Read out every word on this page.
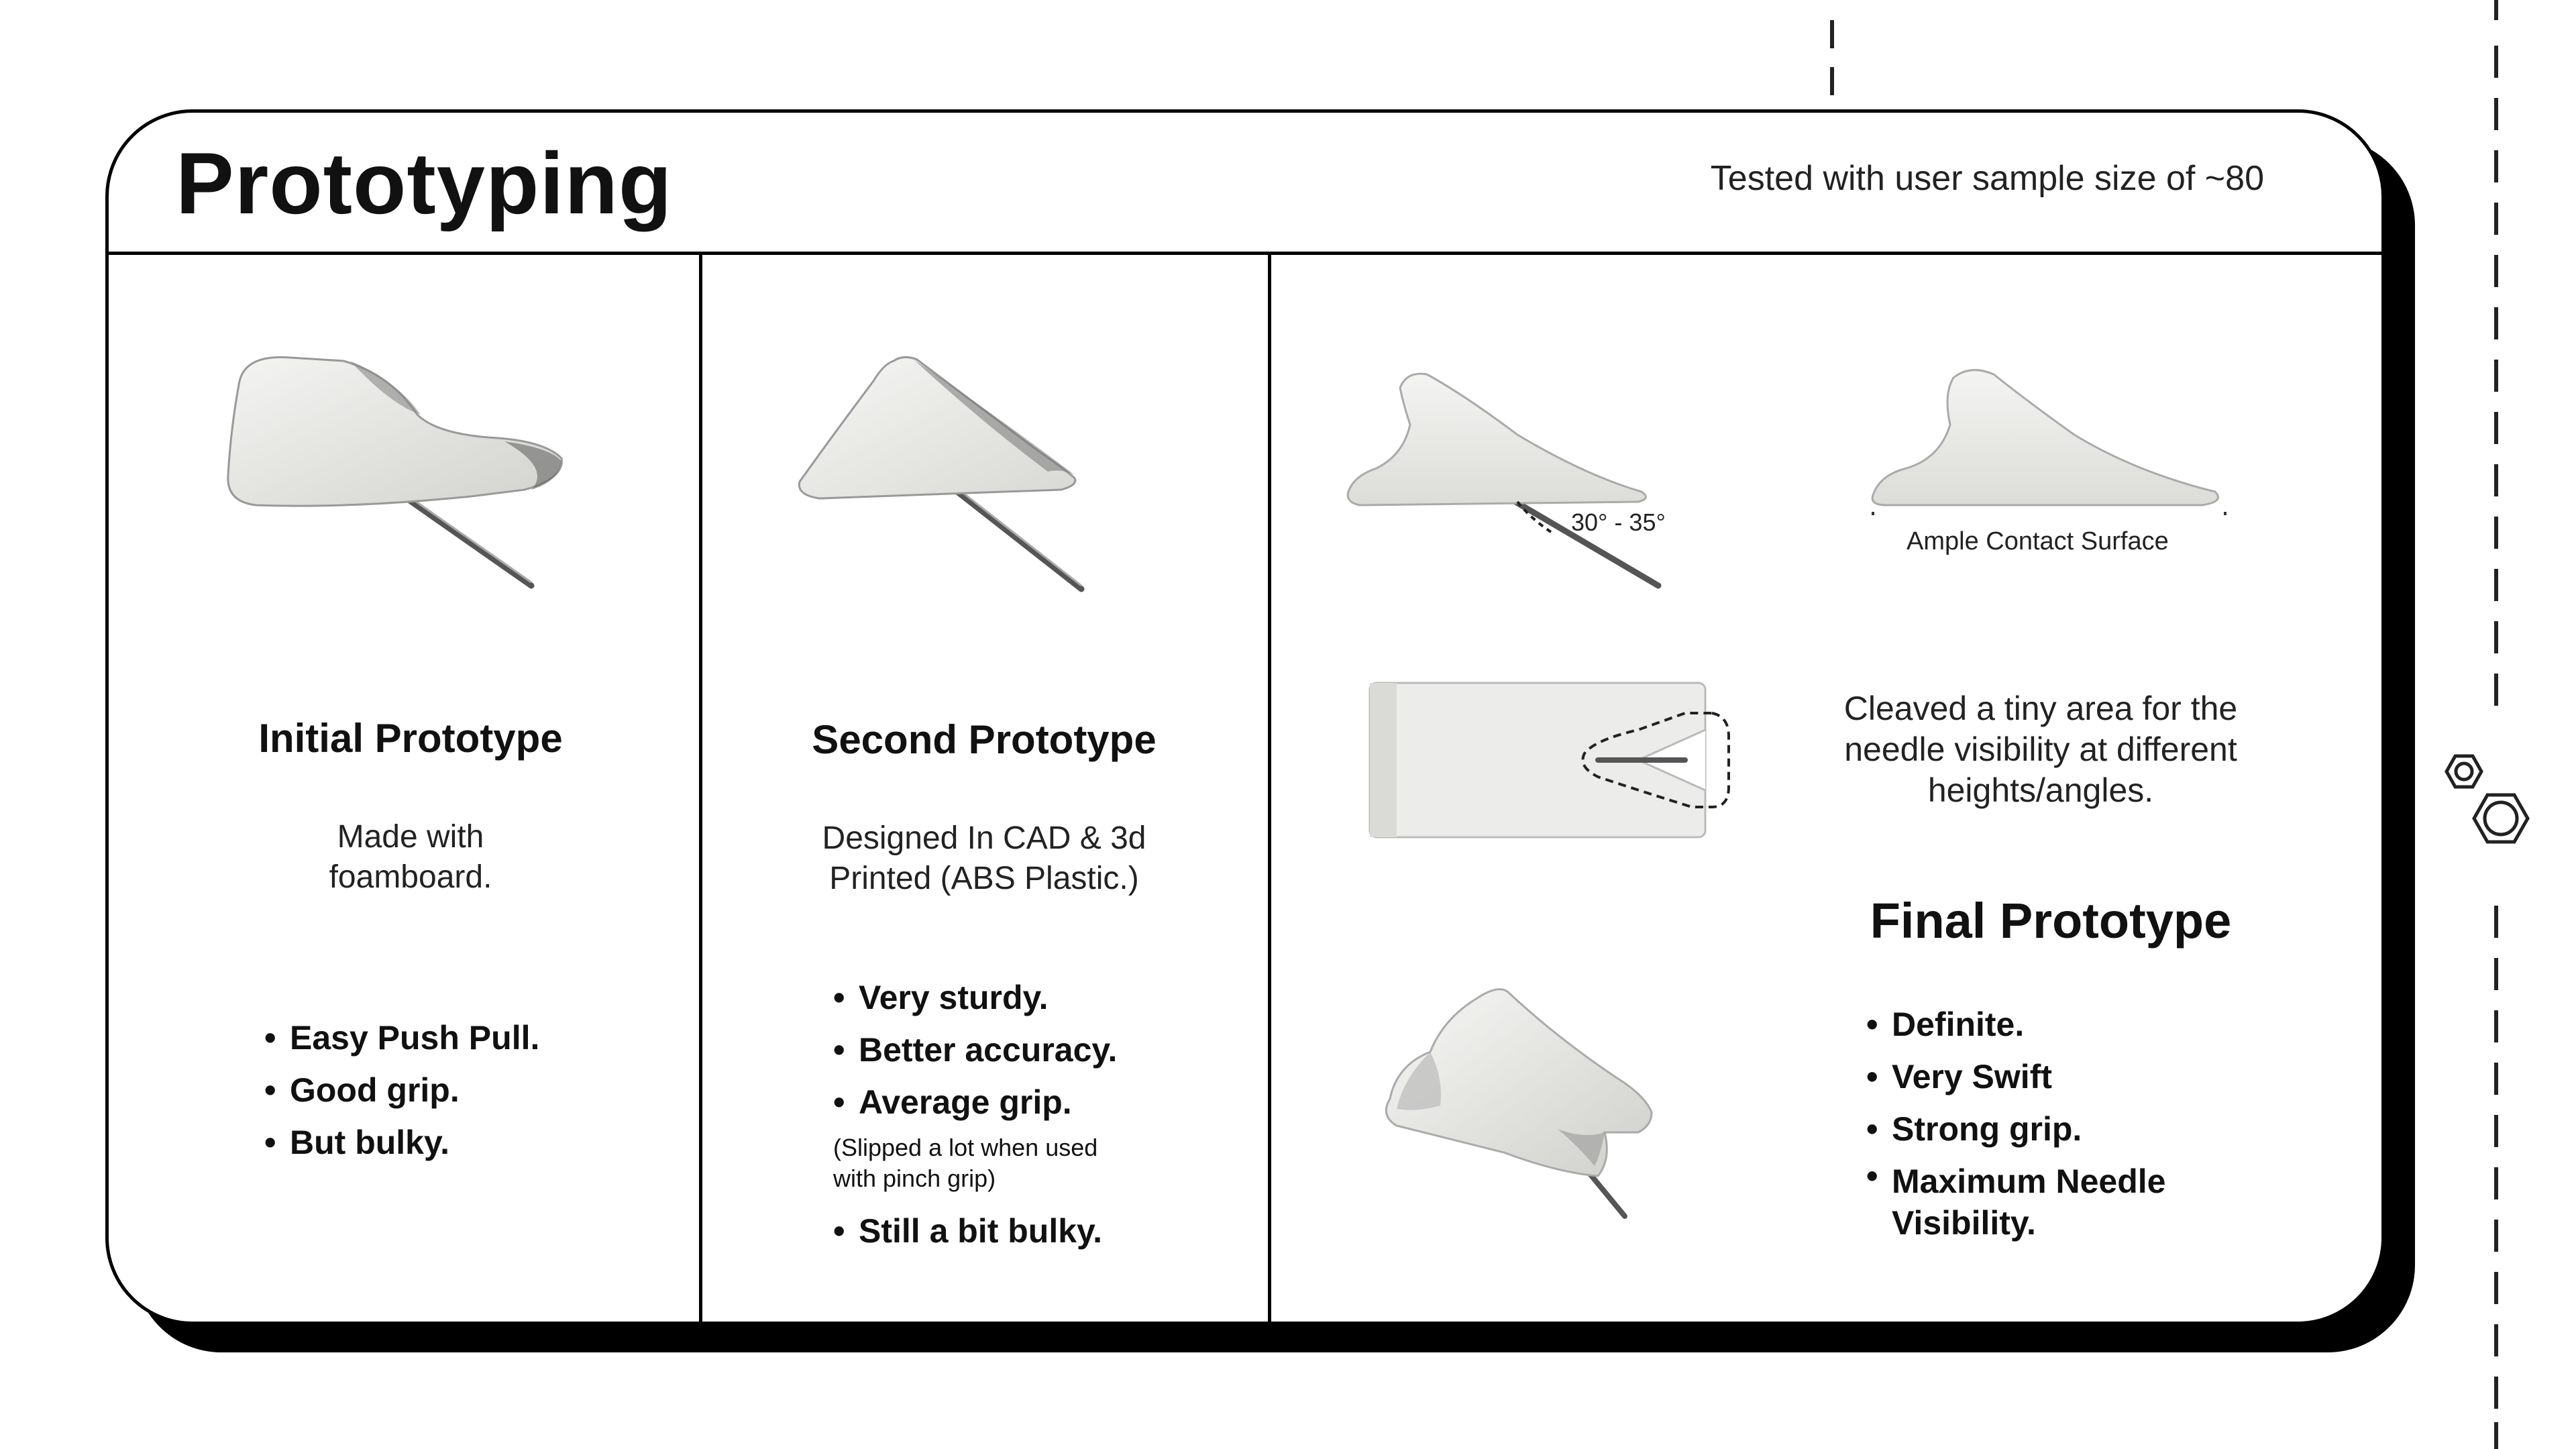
Prototyping	Tested with user sample size of ~80
Initial Prototype
Made with foamboard.
• Easy Push Pull.
• Good grip.
• But bulky.
Second Prototype
Designed In CAD & 3d Printed (ABS Plastic.)
• Very sturdy.
• Better accuracy.
• Average grip.
(Slipped a lot when used with pinch grip)
• Still a bit bulky.
30° - 35°
Ample Contact Surface
Cleaved a tiny area for the needle visibility at different heights/angles.
Final Prototype
• Definite.
• Very Swift
• Strong grip.
• Maximum Needle Visibility.
